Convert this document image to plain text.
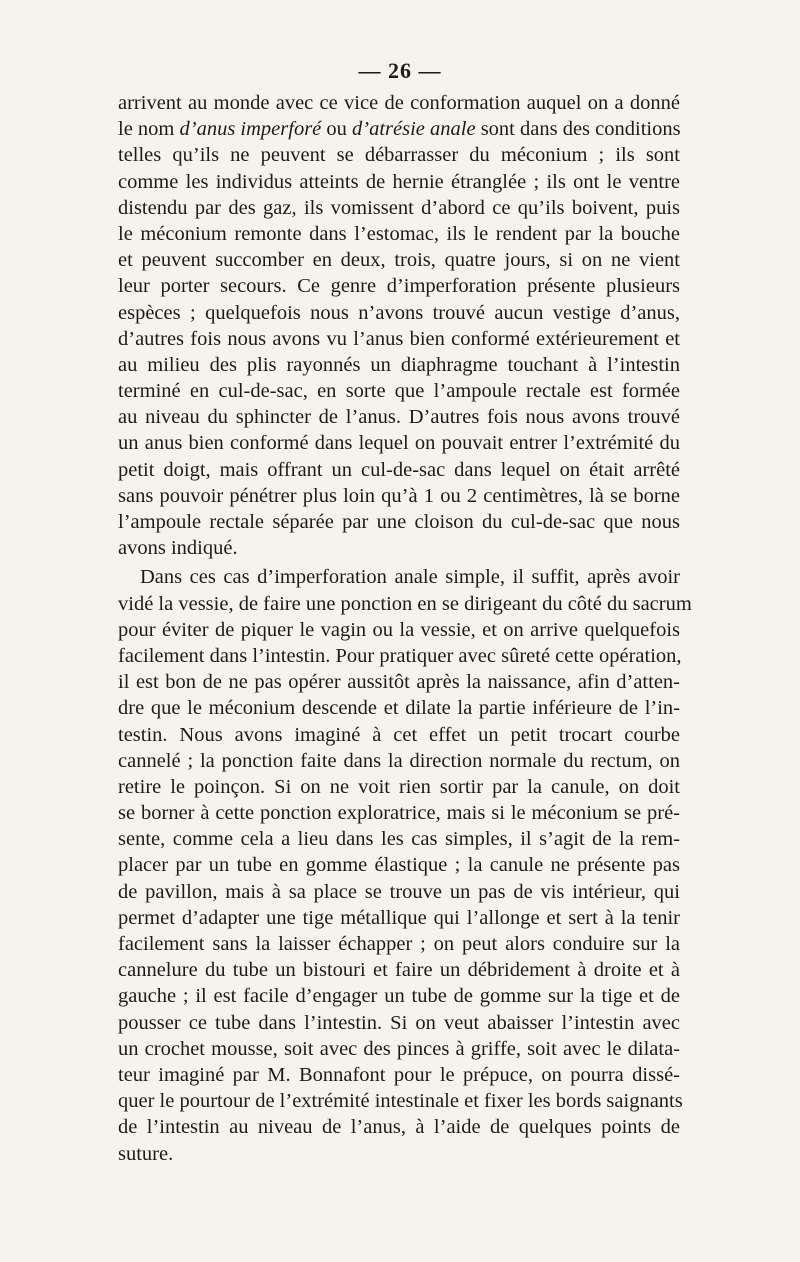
— 26 —
arrivent au monde avec ce vice de conformation auquel on a donné
le nom d’anus imperforé ou d’atrésie anale sont dans des conditions
telles qu’ils ne peuvent se débarrasser du méconium ; ils sont
comme les individus atteints de hernie étranglée ; ils ont le ventre
distendu par des gaz, ils vomissent d’abord ce qu’ils boivent, puis
le méconium remonte dans l’estomac, ils le rendent par la bouche
et peuvent succomber en deux, trois, quatre jours, si on ne vient
leur porter secours. Ce genre d’imperforation présente plusieurs
espèces ; quelquefois nous n’avons trouvé aucun vestige d’anus,
d’autres fois nous avons vu l’anus bien conformé extérieurement et
au milieu des plis rayonnés un diaphragme touchant à l’intestin
terminé en cul-de-sac, en sorte que l’ampoule rectale est formée
au niveau du sphincter de l’anus. D’autres fois nous avons trouvé
un anus bien conformé dans lequel on pouvait entrer l’extrémité du
petit doigt, mais offrant un cul-de-sac dans lequel on était arrêté
sans pouvoir pénétrer plus loin qu’à 1 ou 2 centimètres, là se borne
l’ampoule rectale séparée par une cloison du cul-de-sac que nous
avons indiqué.
Dans ces cas d’imperforation anale simple, il suffit, après avoir
vidé la vessie, de faire une ponction en se dirigeant du côté du sacrum
pour éviter de piquer le vagin ou la vessie, et on arrive quelquefois
facilement dans l’intestin. Pour pratiquer avec sûreté cette opération,
il est bon de ne pas opérer aussitôt après la naissance, afin d’atten-
dre que le méconium descende et dilate la partie inférieure de l’in-
testin. Nous avons imaginé à cet effet un petit trocart courbe
cannelé ; la ponction faite dans la direction normale du rectum, on
retire le poinçon. Si on ne voit rien sortir par la canule, on doit
se borner à cette ponction exploratrice, mais si le méconium se pré-
sente, comme cela a lieu dans les cas simples, il s’agit de la rem-
placer par un tube en gomme élastique ; la canule ne présente pas
de pavillon, mais à sa place se trouve un pas de vis intérieur, qui
permet d’adapter une tige métallique qui l’allonge et sert à la tenir
facilement sans la laisser échapper ; on peut alors conduire sur la
cannelure du tube un bistouri et faire un débridement à droite et à
gauche ; il est facile d’engager un tube de gomme sur la tige et de
pousser ce tube dans l’intestin. Si on veut abaisser l’intestin avec
un crochet mousse, soit avec des pinces à griffe, soit avec le dilata-
teur imaginé par M. Bonnafont pour le prépuce, on pourra dissé-
quer le pourtour de l’extrémité intestinale et fixer les bords saignants
de l’intestin au niveau de l’anus, à l’aide de quelques points de
suture.
